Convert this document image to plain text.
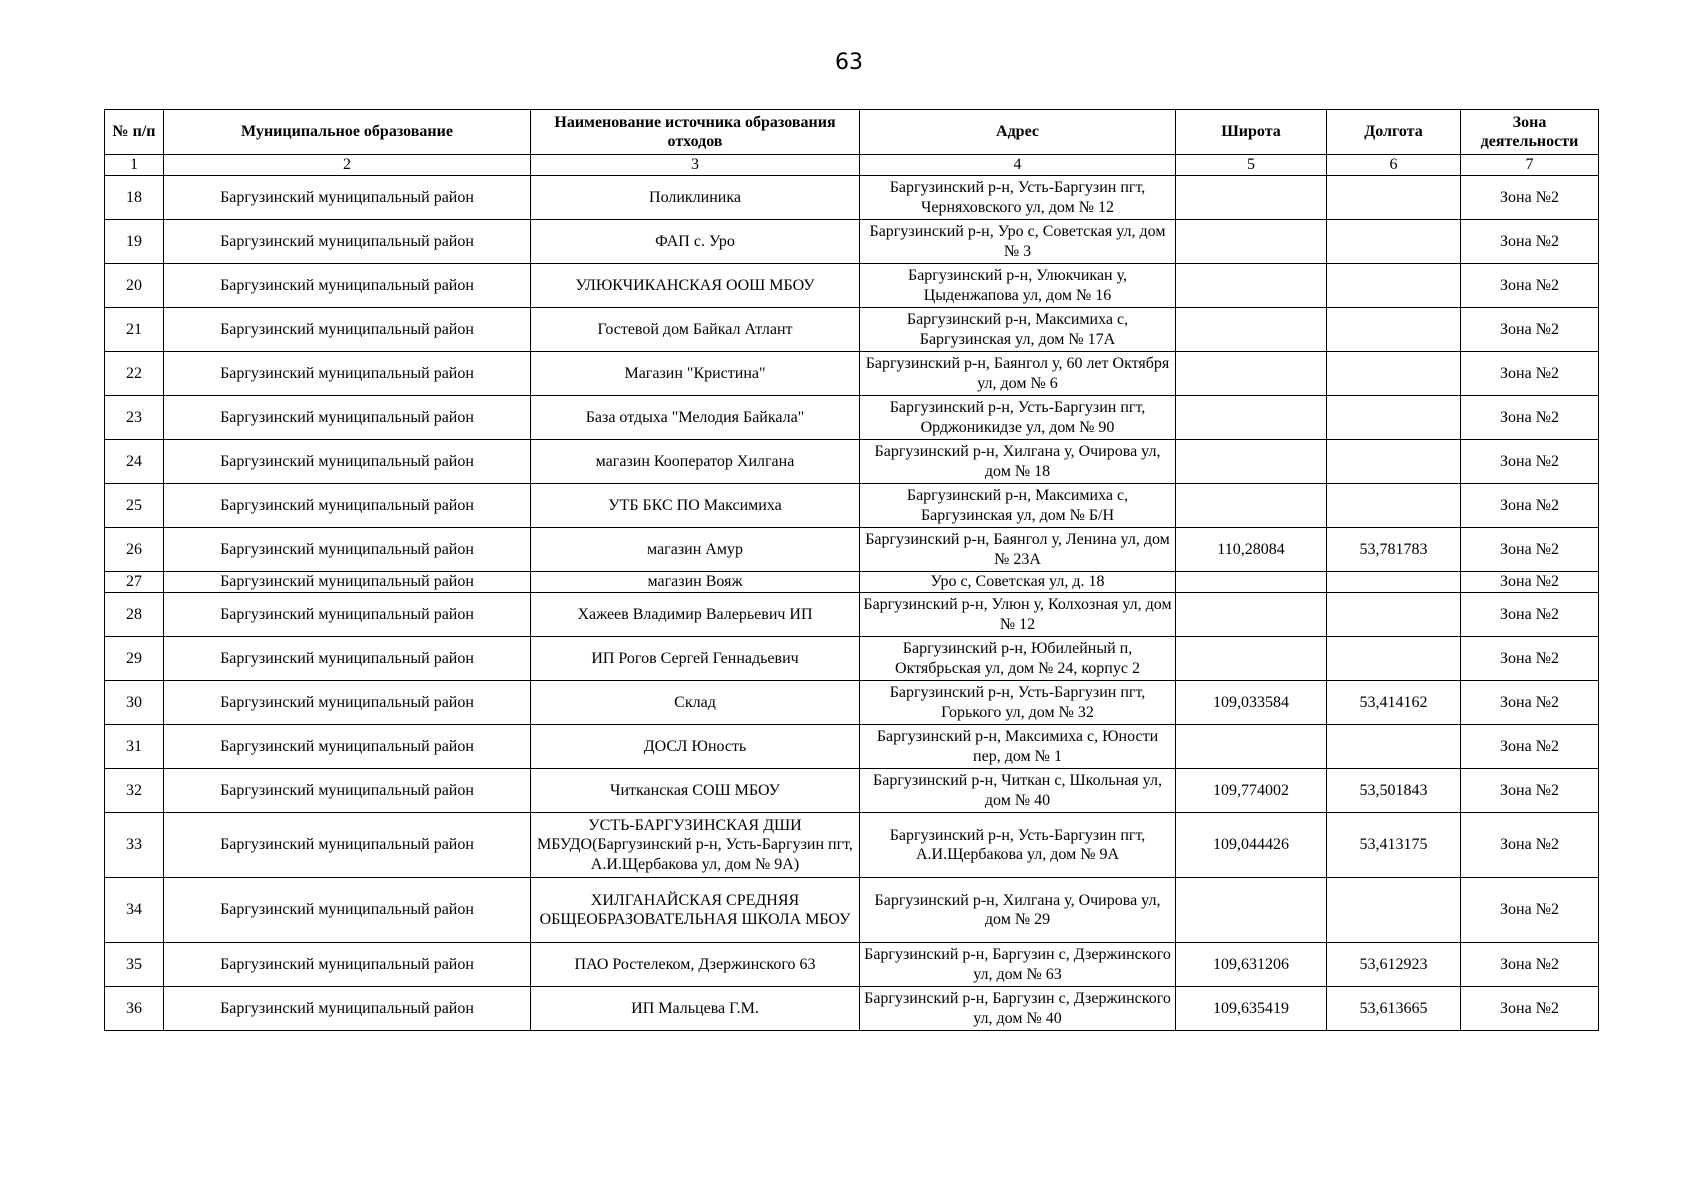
63
№ п/п	Муниципальное образование	Наименование источника образования отходов	Адрес	Широта	Долгота	Зона деятельности
1	2	3	4	5	6	7
18	Баргузинский муниципальный район	Поликлиника	Баргузинский р-н, Усть-Баргузин пгт, Черняховского ул, дом № 12			Зона №2
19	Баргузинский муниципальный район	ФАП с. Уро	Баргузинский р-н, Уро с, Советская ул, дом № 3			Зона №2
20	Баргузинский муниципальный район	УЛЮКЧИКАНСКАЯ ООШ МБОУ	Баргузинский р-н, Улюкчикан у, Цыденжапова ул, дом № 16			Зона №2
21	Баргузинский муниципальный район	Гостевой дом Байкал Атлант	Баргузинский р-н, Максимиха с, Баргузинская ул, дом № 17А			Зона №2
22	Баргузинский муниципальный район	Магазин "Кристина"	Баргузинский р-н, Баянгол у, 60 лет Октября ул, дом № 6			Зона №2
23	Баргузинский муниципальный район	База отдыха "Мелодия Байкала"	Баргузинский р-н, Усть-Баргузин пгт, Орджоникидзе ул, дом № 90			Зона №2
24	Баргузинский муниципальный район	магазин Кооператор Хилгана	Баргузинский р-н, Хилгана у, Очирова ул, дом № 18			Зона №2
25	Баргузинский муниципальный район	УТБ БКС ПО Максимиха	Баргузинский р-н, Максимиха с, Баргузинская ул, дом № Б/Н			Зона №2
26	Баргузинский муниципальный район	магазин Амур	Баргузинский р-н, Баянгол у, Ленина ул, дом № 23А	110,28084	53,781783	Зона №2
27	Баргузинский муниципальный район	магазин Вояж	Уро с, Советская ул, д. 18			Зона №2
28	Баргузинский муниципальный район	Хажеев Владимир Валерьевич ИП	Баргузинский р-н, Улюн у, Колхозная ул, дом № 12			Зона №2
29	Баргузинский муниципальный район	ИП Рогов Сергей Геннадьевич	Баргузинский р-н, Юбилейный п, Октябрьская ул, дом № 24, корпус 2			Зона №2
30	Баргузинский муниципальный район	Склад	Баргузинский р-н, Усть-Баргузин пгт, Горького ул, дом № 32	109,033584	53,414162	Зона №2
31	Баргузинский муниципальный район	ДОСЛ Юность	Баргузинский р-н, Максимиха с, Юности пер, дом № 1			Зона №2
32	Баргузинский муниципальный район	Читканская СОШ МБОУ	Баргузинский р-н, Читкан с, Школьная ул, дом № 40	109,774002	53,501843	Зона №2
33	Баргузинский муниципальный район	УСТЬ-БАРГУЗИНСКАЯ ДШИ МБУДО(Баргузинский р-н, Усть-Баргузин пгт, А.И.Щербакова ул, дом № 9А)	Баргузинский р-н, Усть-Баргузин пгт, А.И.Щербакова ул, дом № 9А	109,044426	53,413175	Зона №2
34	Баргузинский муниципальный район	ХИЛГАНАЙСКАЯ СРЕДНЯЯ ОБЩЕОБРАЗОВАТЕЛЬНАЯ ШКОЛА МБОУ	Баргузинский р-н, Хилгана у, Очирова ул, дом № 29			Зона №2
35	Баргузинский муниципальный район	ПАО Ростелеком, Дзержинского 63	Баргузинский р-н, Баргузин с, Дзержинского ул, дом № 63	109,631206	53,612923	Зона №2
36	Баргузинский муниципальный район	ИП Мальцева Г.М.	Баргузинский р-н, Баргузин с, Дзержинского ул, дом № 40	109,635419	53,613665	Зона №2
